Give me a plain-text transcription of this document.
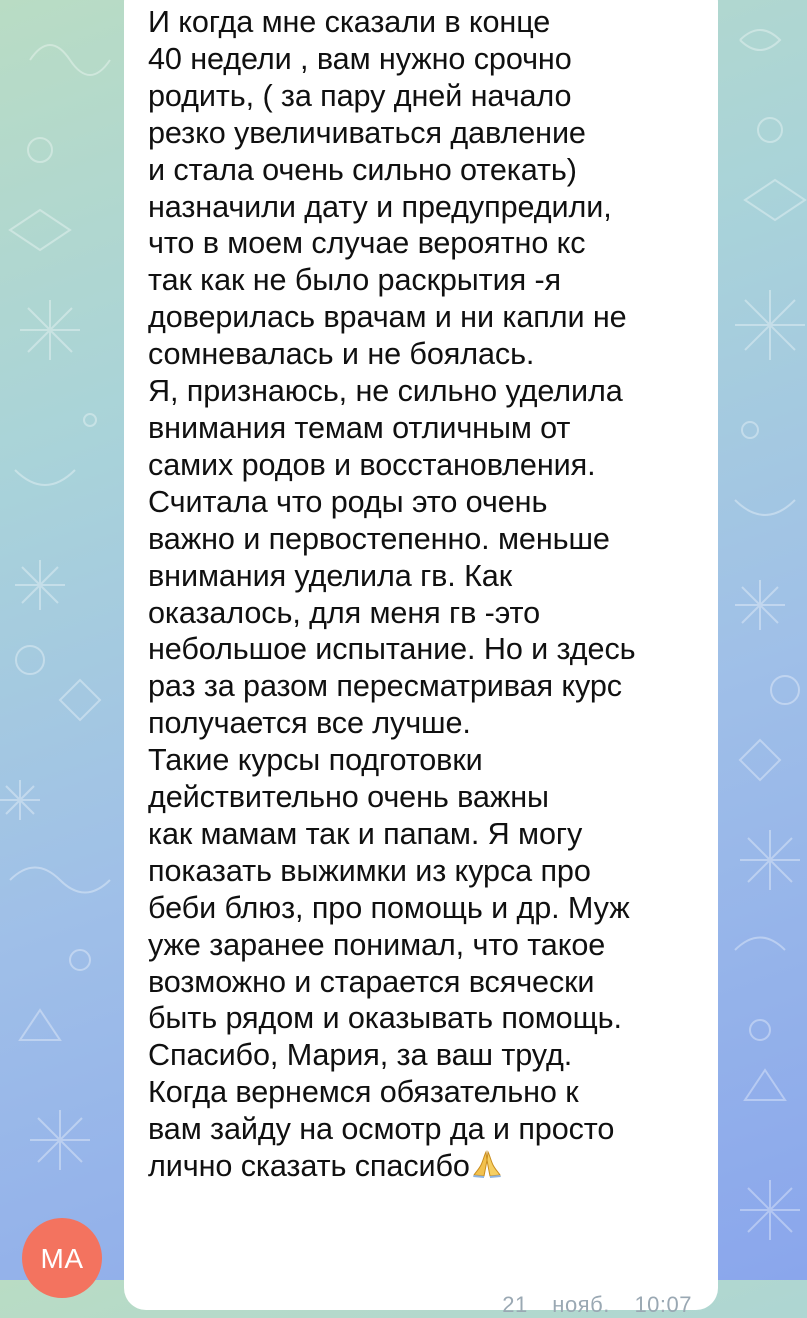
И когда мне сказали в конце
40 недели , вам нужно срочно
родить, ( за пару дней начало
резко увеличиваться давление
и стала очень сильно отекать)
назначили дату и предупредили,
что в моем случае вероятно кс
так как не было раскрытия -я
доверилась врачам и ни капли не
сомневалась и не боялась.
Я, признаюсь, не сильно уделила
внимания темам отличным от
самих родов и восстановления.
Считала что роды это очень
важно и первостепенно. меньше
внимания уделила гв. Как
оказалось, для меня гв -это
небольшое испытание. Но и здесь
раз за разом пересматривая курс
получается все лучше.
Такие курсы подготовки
действительно очень важны
как мамам так и папам. Я могу
показать выжимки из курса про
беби блюз, про помощь и др. Муж
уже заранее понимал, что такое
возможно и старается всячески
быть рядом и оказывать помощь.
Спасибо, Мария, за ваш труд.
Когда вернемся обязательно к
вам зайду на осмотр да и просто
лично сказать спасибо

21 нояб. 10:07
МА
